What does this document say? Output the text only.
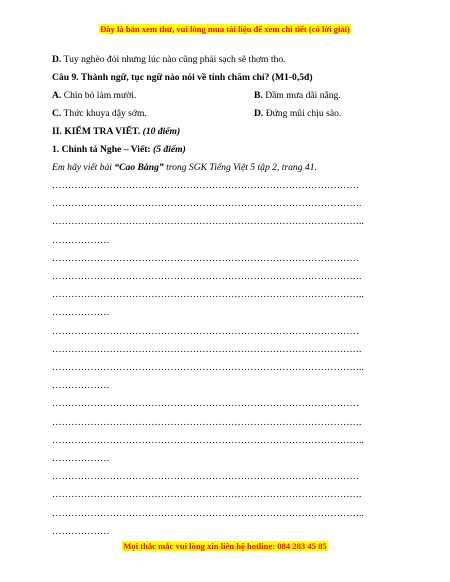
Đây là bản xem thử, vui lòng mua tài liệu để xem chi tiết (có lời giải)
D. Tuy nghèo đói nhưng lúc nào cũng phải sạch sẽ thơm tho.
Câu 9. Thành ngữ, tục ngữ nào nói về tính chăm chỉ? (M1-0,5đ)
A. Chín bỏ làm mười.	B. Dầm mưa dãi nắng.
C. Thức khuya dậy sớm.	D. Đứng mũi chịu sào.
II. KIỂM TRA VIẾT. (10 điểm)
1. Chính tả Nghe – Viết: (5 điểm)
Em hãy viết bài “Cao Bằng” trong SGK Tiếng Việt 5 tập 2, trang 41.
……………………………………………………………………………………
…………………………………………………………………………………….
……………………………………………………………………………………..
………………
……………………………………………………………………………………
…………………………………………………………………………………….
……………………………………………………………………………………..
………………
……………………………………………………………………………………
…………………………………………………………………………………….
……………………………………………………………………………………..
………………
……………………………………………………………………………………
…………………………………………………………………………………….
……………………………………………………………………………………..
………………
……………………………………………………………………………………
…………………………………………………………………………………….
……………………………………………………………………………………..
………………
Mọi thắc mắc vui lòng xin liên hệ hotline: 084 283 45 85
